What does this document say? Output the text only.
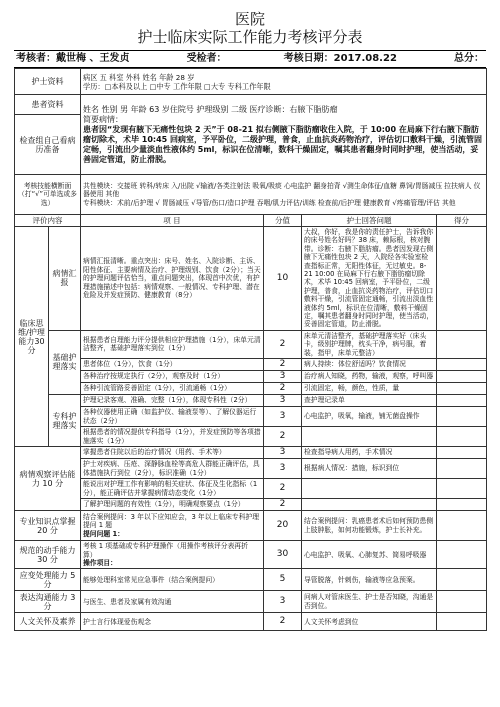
医院
护士临床实际工作能力考核评分表
考核者：戴世梅 、王发贞	受检者：	考核日期：2017.08.22	总分：
护士资料		病区 五 科室 外科 姓名 年龄 28 岁
学历：□本科及以上 □中专 工作年限 □大专 专科工作年限			
患者资料		姓名 性别 男 年龄 63 岁住院号 护理级别 二级 医疗诊断：右腋下脂肪瘤
简要病情：
患者因“发现有腋下无痛性包块 2 天”于 08-21 拟右侧腋下脂肪瘤收住入院，于 10:00 在局麻下行右腋下脂肪瘤切除术，术毕 10:45 回病室，予平卧位，二级护理，普食，止血抗炎药物治疗，评估切口敷料干燥，引流管固定畅，引流出少量淡血性液体约 5ml，标识在位清晰，数科干燥固定，嘱其患者翻身时同时护理，使当活动，妥善固定管道，防止滑脱。			
检查组自己看病历准备					
考核技能横断面（打“√”可单选或多选）		共性模块：交接班 转科/转床 入/出院 √输液/各类注射法 吸氧/吸痰 心电监护 翻身拍背 √测生命体征/血糖 鼻饲/胃肠减压 拉扶病人 仪器使用 其他
专科模块：术前/后护理 √ 胃肠减压 √导管/伤口/造口护理 吞咽/肌力评估/训练 检查前/后护理 健康教育 √疼痛管理/评估 其他			
评价内容		项 目	分值	护士回答问题	得分
临床思维/护理能力30分	病情汇报	病情汇报清晰。重点突出：床号、姓名、入院诊断、主诉、阳性体征、主要病情及治疗、护理级别、饮食（2分）；当天的护理问题评估恰当，重点问题突出，体现首中次优，有护理措施描述中包括：病情观察、一般情况、专科护理、潜在危险及并发症预防、健康教育（8分）	10	大叔，你好，我是你的责任护士，告诉我你的床号姓名好吗？38 床，赖际根，核对腕带。诊断：右腋下脂肪瘤。患者因发现右侧腋下无痛性包块 2 天，入院经各实验室检查指标正常，无阳性体征，无过敏史。8-21 10:00 在局麻下行右腋下脂肪瘤切除术，术毕 10:45 回病室，予平卧位，二级护理，普食，止血抗炎药物治疗，评估切口敷料干燥，引流管固定通畅，引流出淡血性液体约 5ml，标识在位清晰，敷料干燥固定，嘱其患者翻身时同时护理，使当活动，妥善固定管道，防止滑脱。	
	基础护理落实	根据患者自理能力评分提供相应护理措施（1分），床单元清洁整齐，基础护理落实到位（1分）	2	床单元清洁整齐，基础护理落实好（床头卡，级别护理牌，枕头干净，病号服，着装，指甲，床单元整洁）	
		患者体位（1分），饮食（1分）	2	病人持续：体位舒适吗？饮食情况	
		各种治疗按规定执行（2分），观察及时（1分）	3	治疗病人知晓，药物，输液，观察，呼叫器	
		各种引流管路妥善固定（1分），引流通畅（1分）	2	引流固定，畅，颜色，性质，量	
	专科护理落实	护理记录客观、准确、完整（1分），体现专科性（2分）	3	查护理记录单	
		各种仪器使用正确（如监护仪、输液泵等）、了解仪器运行状态（2分）	3	心电监护，吸氧，输液，铺无菌盘操作	
		根据患者的情况提供专科指导（1分），并发症预防等各项措施落实（1分）	2		
病情观察评估能力 10 分		掌握患者住院以后的治疗情况（用药、手术等）	3	检查指导病人用药，手术情况	
		护士对疾病、压疮、深静脉血栓等高危人群能正确评估，具体措施执行到位（2分），标识准确（1分）	3	根据病人情况：措施，标识到位	
		能说出对护理工作有影响的相关症状、体征及生化指标（1分），能正确评估并掌握病情动态变化（1分）	2		
		了解护理问题的有效性（1分），明确观察要点（1分）	2		
专业知识点掌握 20 分		结合案例提问：3 年以下应知应会，3 年以上临床专科护理提问 1 题
提问问题 1：	20	结合案例提问：乳癌患者术后如何预防患侧上肢肿胀，如何功能锻炼，护士长补充。	
规范的动手能力 30 分		考核 1 项基础或专科护理操作（用操作考核评分表再折算）
操作项目：	30	心电监护、吸氧、心肺复苏、简易呼吸器	
应变处理能力 5 分		能够处理科室常见应急事件（结合案例提问）	5	导管脱落，针刺伤，输液等应急预案。	
表达沟通能力 3 分		与医生、患者及家属有效沟通	3	问病人对管床医生、护士是否知晓，沟通是否到位。	
人文关怀及素养		护士言行体现爱伤观念	2	人文关怀考虑到位	
